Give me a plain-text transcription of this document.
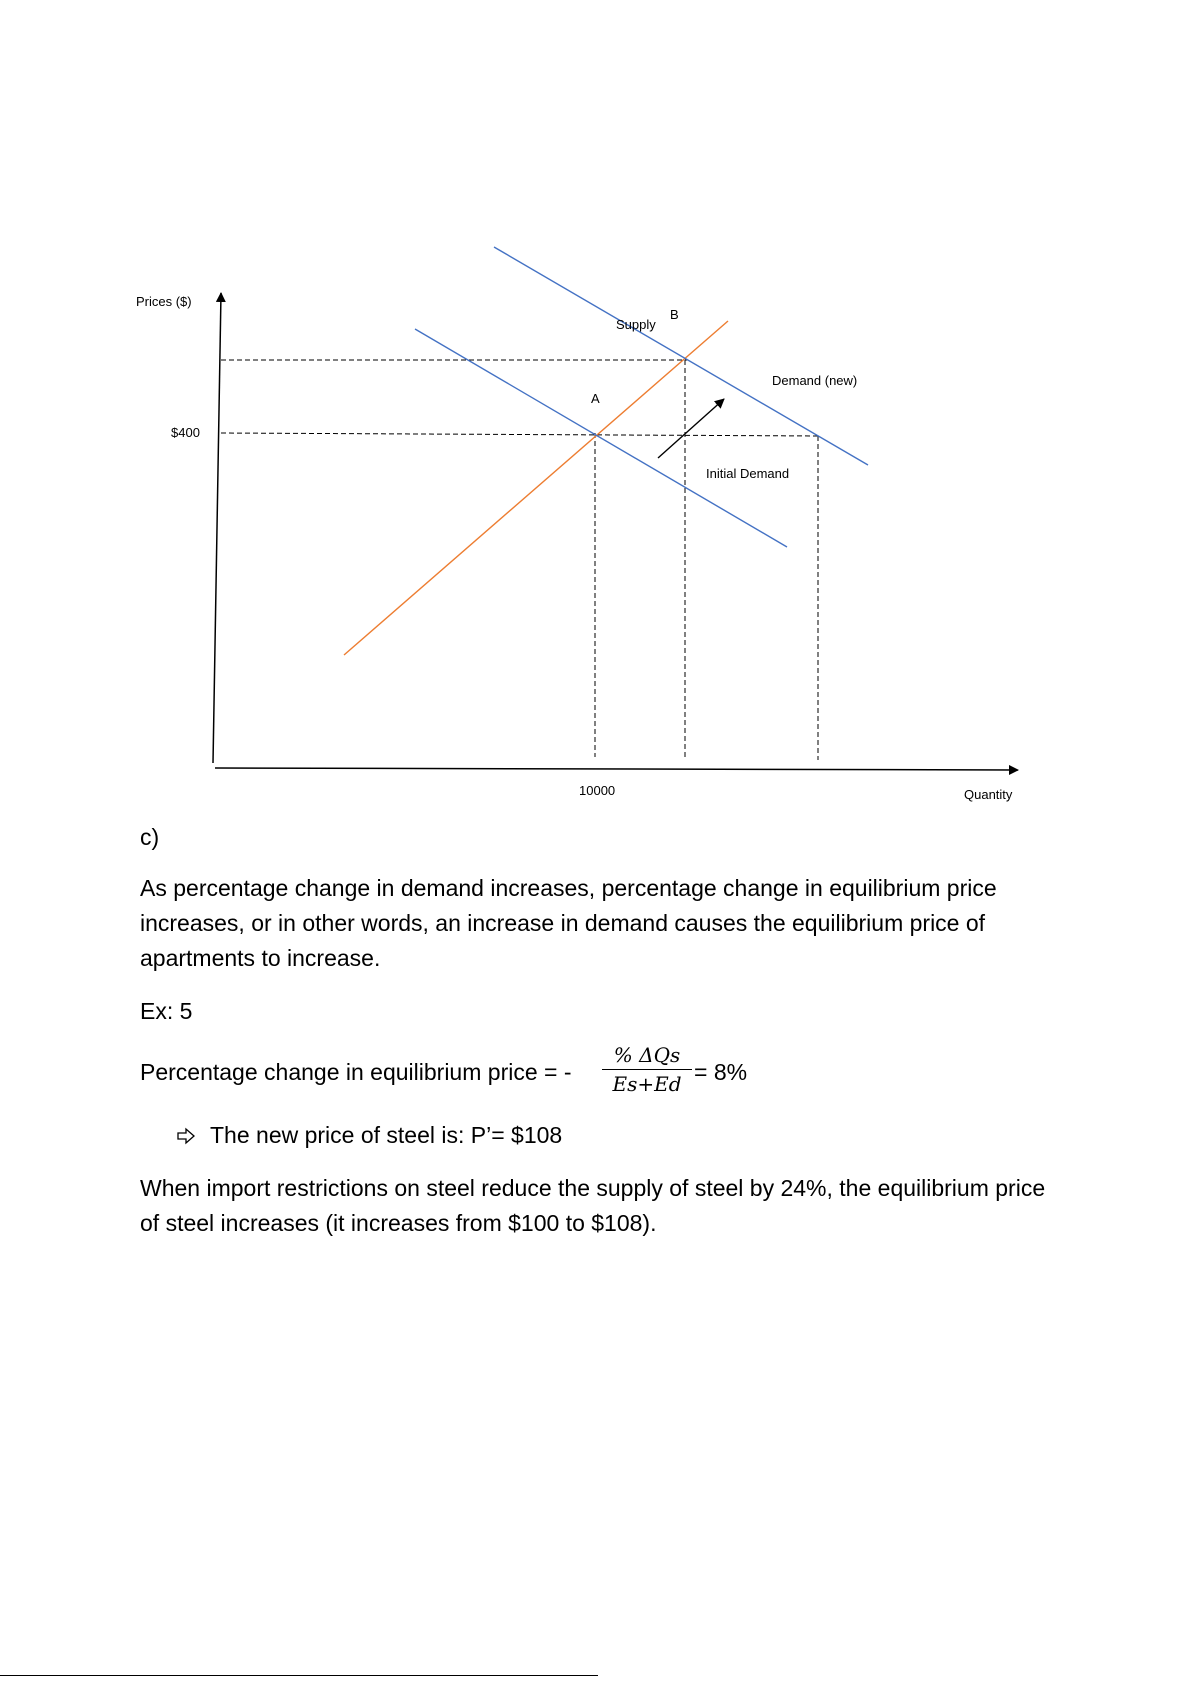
Prices ($)
$400
Supply
B
A
Demand (new)
Initial Demand
10000	Quantity
c)
As percentage change in demand increases, percentage change in equilibrium price increases, or in other words, an increase in demand causes the equilibrium price of apartments to increase.
Ex: 5
Percentage change in equilibrium price = -
% ΔQs
Es+Ed = 8%
The new price of steel is: P’= $108
When import restrictions on steel reduce the supply of steel by 24%, the equilibrium price of steel increases (it increases from $100 to $108).
